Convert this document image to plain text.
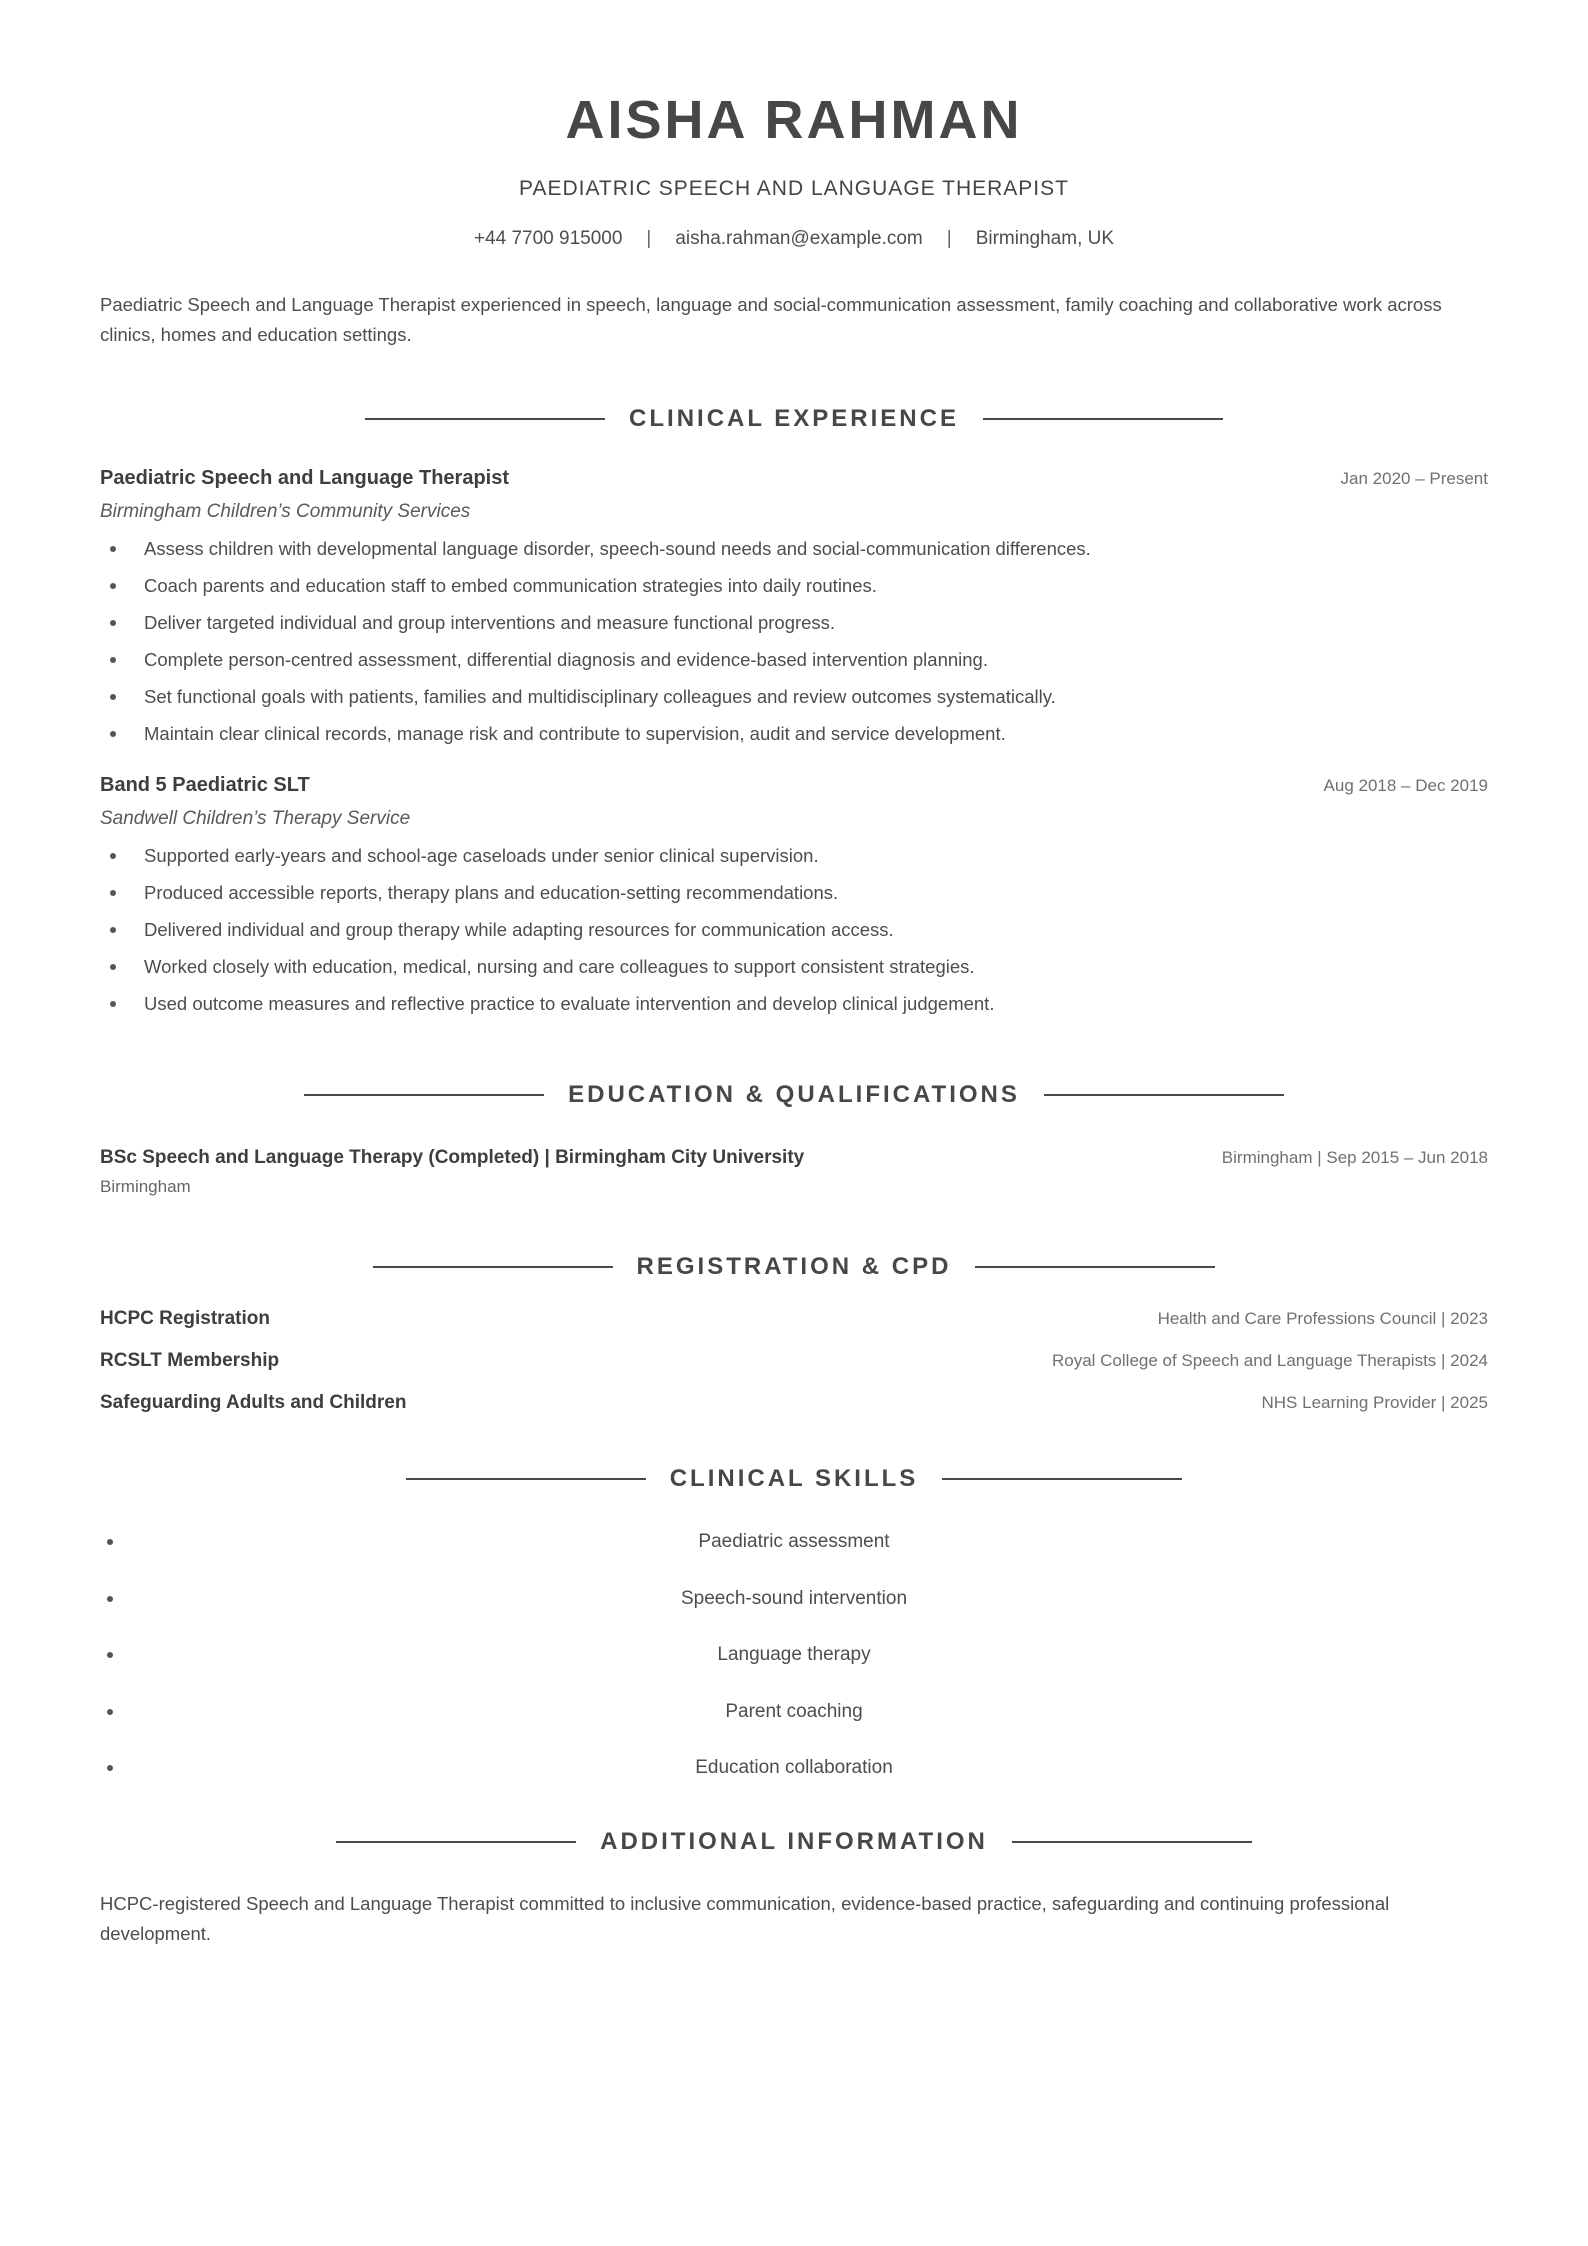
AISHA RAHMAN
PAEDIATRIC SPEECH AND LANGUAGE THERAPIST
+44 7700 915000 | aisha.rahman@example.com | Birmingham, UK

Paediatric Speech and Language Therapist experienced in speech, language and social-communication assessment, family coaching and collaborative work across clinics, homes and education settings.

CLINICAL EXPERIENCE
Paediatric Speech and Language Therapist	Jan 2020 – Present
Birmingham Children’s Community Services
Assess children with developmental language disorder, speech-sound needs and social-communication differences.
Coach parents and education staff to embed communication strategies into daily routines.
Deliver targeted individual and group interventions and measure functional progress.
Complete person-centred assessment, differential diagnosis and evidence-based intervention planning.
Set functional goals with patients, families and multidisciplinary colleagues and review outcomes systematically.
Maintain clear clinical records, manage risk and contribute to supervision, audit and service development.
Band 5 Paediatric SLT	Aug 2018 – Dec 2019
Sandwell Children’s Therapy Service
Supported early-years and school-age caseloads under senior clinical supervision.
Produced accessible reports, therapy plans and education-setting recommendations.
Delivered individual and group therapy while adapting resources for communication access.
Worked closely with education, medical, nursing and care colleagues to support consistent strategies.
Used outcome measures and reflective practice to evaluate intervention and develop clinical judgement.
EDUCATION & QUALIFICATIONS
BSc Speech and Language Therapy (Completed) | Birmingham City University	Birmingham | Sep 2015 – Jun 2018
Birmingham
REGISTRATION & CPD
HCPC Registration	Health and Care Professions Council | 2023
RCSLT Membership	Royal College of Speech and Language Therapists | 2024
Safeguarding Adults and Children	NHS Learning Provider | 2025
CLINICAL SKILLS
Paediatric assessment
Speech-sound intervention
Language therapy
Parent coaching
Education collaboration
ADDITIONAL INFORMATION

HCPC-registered Speech and Language Therapist committed to inclusive communication, evidence-based practice, safeguarding and continuing professional development.
